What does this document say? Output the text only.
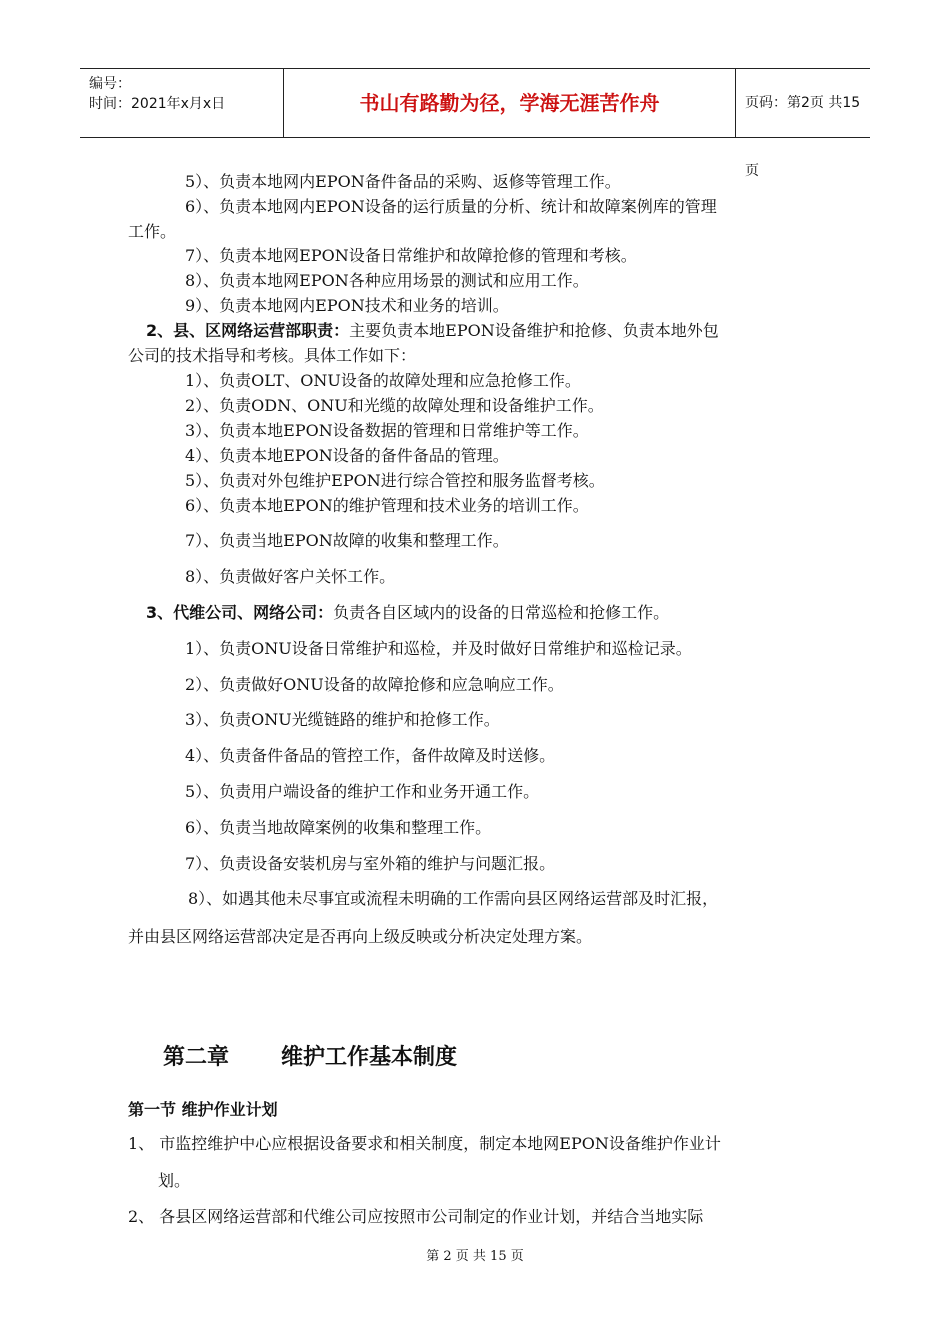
编号：
时间：2021年x月x日	书山有路勤为径，学海无涯苦作舟	页码：第2页 共15页
5）、负责本地网内EPON备件备品的采购、返修等管理工作。
6）、负责本地网内EPON设备的运行质量的分析、统计和故障案例库的管理
工作。
7）、负责本地网EPON设备日常维护和故障抢修的管理和考核。
8）、负责本地网EPON各种应用场景的测试和应用工作。
9）、负责本地网内EPON技术和业务的培训。
2、县、区网络运营部职责：主要负责本地EPON设备维护和抢修、负责本地外包
公司的技术指导和考核。具体工作如下：
1）、负责OLT、ONU设备的故障处理和应急抢修工作。
2）、负责ODN、ONU和光缆的故障处理和设备维护工作。
3）、负责本地EPON设备数据的管理和日常维护等工作。
4）、负责本地EPON设备的备件备品的管理。
5）、负责对外包维护EPON进行综合管控和服务监督考核。
6）、负责本地EPON的维护管理和技术业务的培训工作。
7）、负责当地EPON故障的收集和整理工作。
8）、负责做好客户关怀工作。
3、代维公司、网络公司：负责各自区域内的设备的日常巡检和抢修工作。
1）、负责ONU设备日常维护和巡检，并及时做好日常维护和巡检记录。
2）、负责做好ONU设备的故障抢修和应急响应工作。
3）、负责ONU光缆链路的维护和抢修工作。
4）、负责备件备品的管控工作，备件故障及时送修。
5）、负责用户端设备的维护工作和业务开通工作。
6）、负责当地故障案例的收集和整理工作。
7）、负责设备安装机房与室外箱的维护与问题汇报。
8）、如遇其他未尽事宜或流程未明确的工作需向县区网络运营部及时汇报，
并由县区网络运营部决定是否再向上级反映或分析决定处理方案。
第二章 维护工作基本制度
第一节 维护作业计划
1、 市监控维护中心应根据设备要求和相关制度，制定本地网EPON设备维护作业计
划。
2、 各县区网络运营部和代维公司应按照市公司制定的作业计划，并结合当地实际
第 2 页 共 15 页
